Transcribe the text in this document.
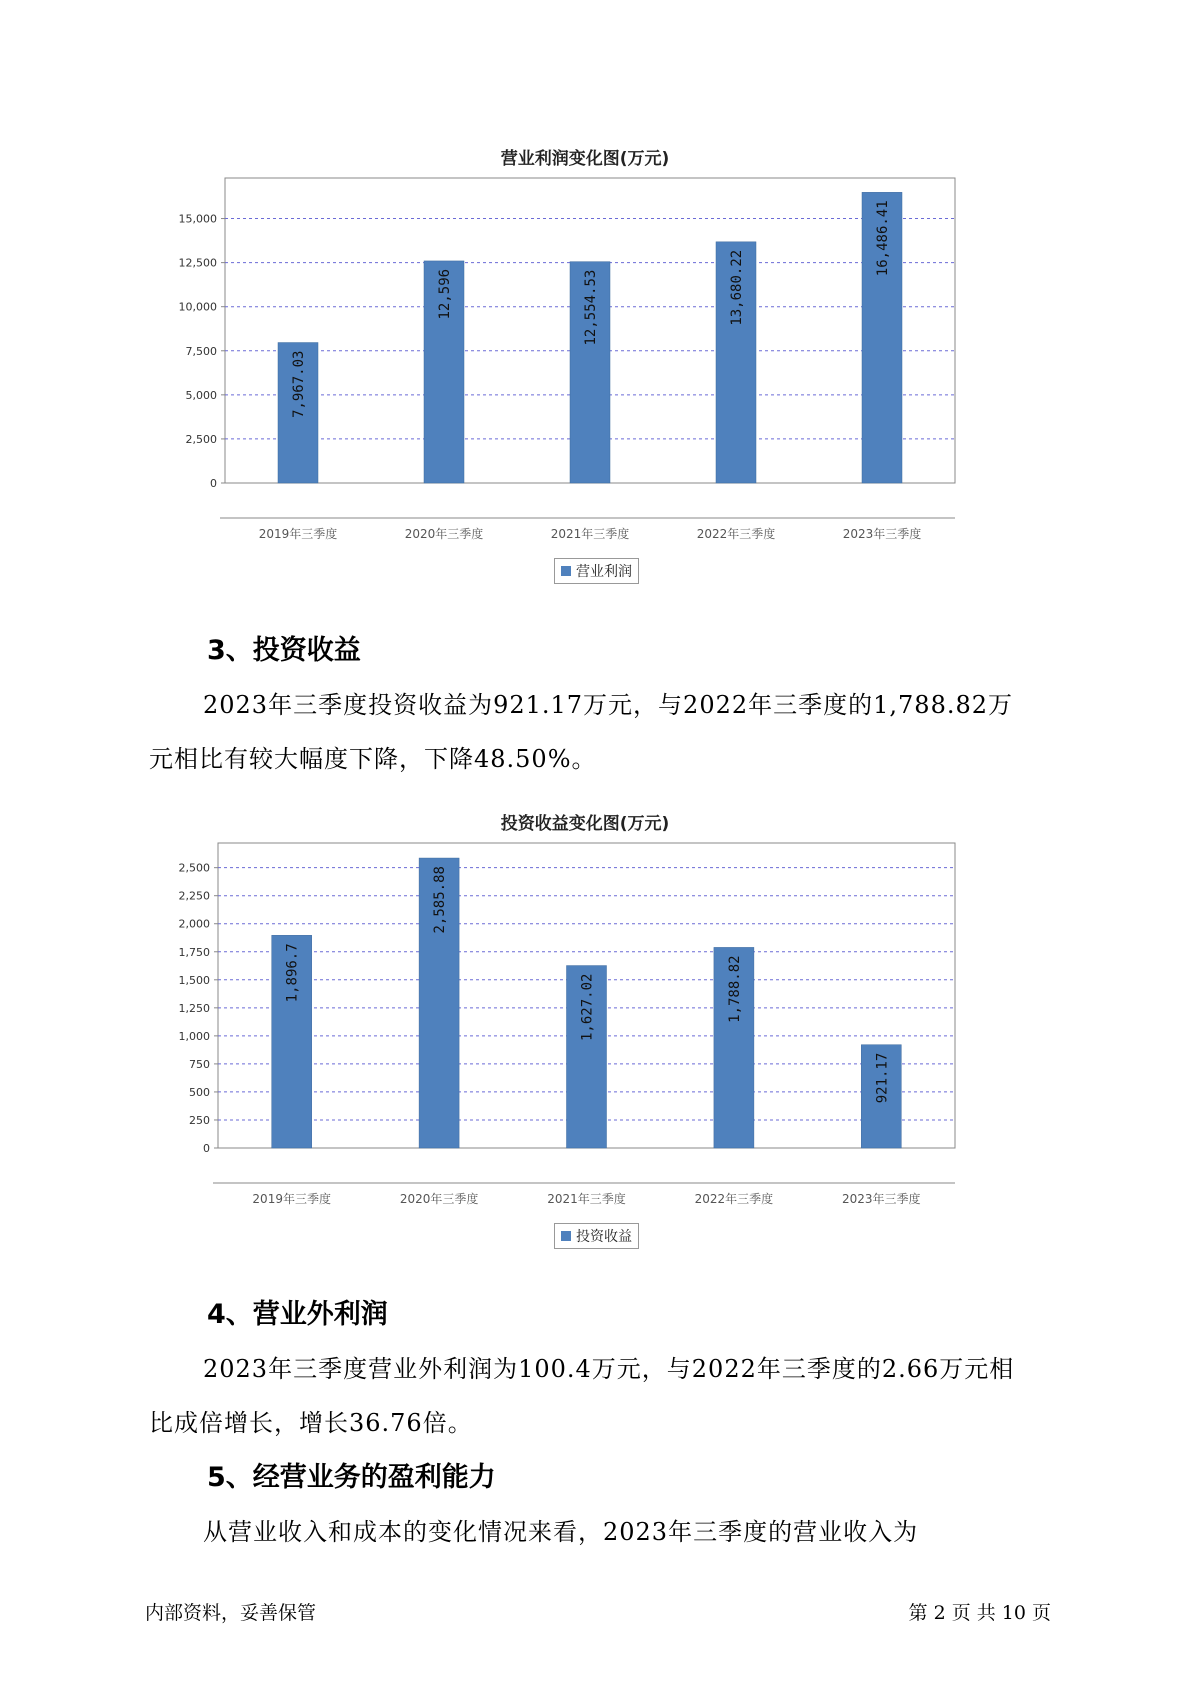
营业利润变化图(万元)
0
2,500
5,000
7,500
10,000
12,500
15,000
7,967.03
2019年三季度
12,596
2020年三季度
12,554.53
2021年三季度
13,680.22
2022年三季度
16,486.41
2023年三季度
营业利润
3、投资收益
2023年三季度投资收益为921.17万元，与2022年三季度的1,788.82万
元相比有较大幅度下降，下降48.50%。
投资收益变化图(万元)
0
250
500
750
1,000
1,250
1,500
1,750
2,000
2,250
2,500
1,896.7
2019年三季度
2,585.88
2020年三季度
1,627.02
2021年三季度
1,788.82
2022年三季度
921.17
2023年三季度
投资收益
4、营业外利润
2023年三季度营业外利润为100.4万元，与2022年三季度的2.66万元相
比成倍增长，增长36.76倍。
5、经营业务的盈利能力
从营业收入和成本的变化情况来看，2023年三季度的营业收入为
内部资料，妥善保管	第 2 页 共 10 页
